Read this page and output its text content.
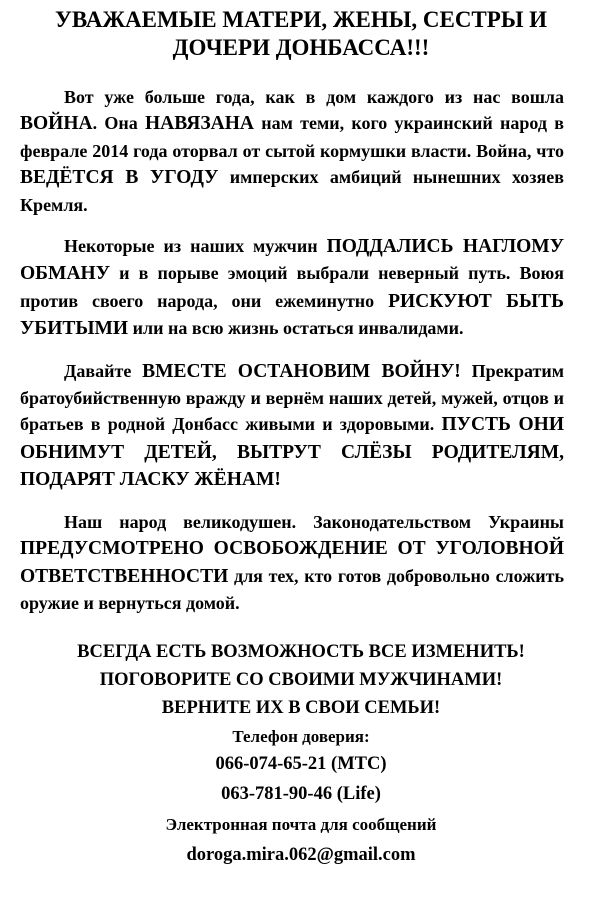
УВАЖАЕМЫЕ МАТЕРИ, ЖЕНЫ, СЕСТРЫ И
ДОЧЕРИ ДОНБАССА!!!

Вот уже больше года, как в дом каждого из нас вошла ВОЙНА. Она НАВЯЗАНА нам теми, кого украинский народ в феврале 2014 года оторвал от сытой кормушки власти. Война, что ВЕДЁТСЯ В УГОДУ имперских амбиций нынешних хозяев Кремля.

Некоторые из наших мужчин ПОДДАЛИСЬ НАГЛОМУ ОБМАНУ и в порыве эмоций выбрали неверный путь. Воюя против своего народа, они ежеминутно РИСКУЮТ БЫТЬ УБИТЫМИ или на всю жизнь остаться инвалидами.

Давайте ВМЕСТЕ ОСТАНОВИМ ВОЙНУ! Прекратим братоубийственную вражду и вернём наших детей, мужей, отцов и братьев в родной Донбасс живыми и здоровыми. ПУСТЬ ОНИ ОБНИМУТ ДЕТЕЙ, ВЫТРУТ СЛЁЗЫ РОДИТЕЛЯМ, ПОДАРЯТ ЛАСКУ ЖЁНАМ!

Наш народ великодушен. Законодательством Украины ПРЕДУСМОТРЕНО ОСВОБОЖДЕНИЕ ОТ УГОЛОВНОЙ ОТВЕТСТВЕННОСТИ для тех, кто готов добровольно сложить оружие и вернуться домой.

ВСЕГДА ЕСТЬ ВОЗМОЖНОСТЬ ВСЕ ИЗМЕНИТЬ!
ПОГОВОРИТЕ СО СВОИМИ МУЖЧИНАМИ!
ВЕРНИТЕ ИХ В СВОИ СЕМЬИ!
Телефон доверия:
066-074-65-21 (МТС)
063-781-90-46 (Life)
Электронная почта для сообщений
doroga.mira.062@gmail.com
